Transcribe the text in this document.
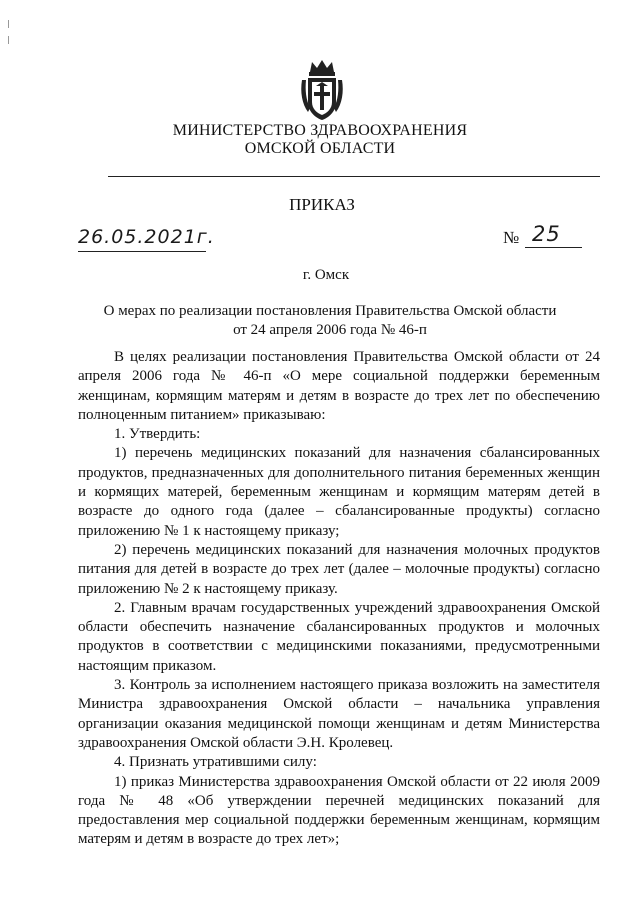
МИНИСТЕРСТВО ЗДРАВООХРАНЕНИЯ
ОМСКОЙ ОБЛАСТИ
ПРИКАЗ
26.05.2021г.	№ 25
г. Омск
О мерах по реализации постановления Правительства Омской области
от 24 апреля 2006 года № 46-п

В целях реализации постановления Правительства Омской области от 24 апреля 2006 года № 46-п «О мере социальной поддержки беременным женщинам, кормящим матерям и детям в возрасте до трех лет по обеспечению полноценным питанием» приказываю:

1. Утвердить:

1) перечень медицинских показаний для назначения сбалансированных продуктов, предназначенных для дополнительного питания беременных женщин и кормящих матерей, беременным женщинам и кормящим матерям детей в возрасте до одного года (далее – сбалансированные продукты) согласно приложению № 1 к настоящему приказу;

2) перечень медицинских показаний для назначения молочных продуктов питания для детей в возрасте до трех лет (далее – молочные продукты) согласно приложению № 2 к настоящему приказу.

2. Главным врачам государственных учреждений здравоохранения Омской области обеспечить назначение сбалансированных продуктов и молочных продуктов в соответствии с медицинскими показаниями, предусмотренными настоящим приказом.

3. Контроль за исполнением настоящего приказа возложить на заместителя Министра здравоохранения Омской области – начальника управления организации оказания медицинской помощи женщинам и детям Министерства здравоохранения Омской области Э.Н. Кролевец.

4. Признать утратившими силу:

1) приказ Министерства здравоохранения Омской области от 22 июля 2009 года № 48 «Об утверждении перечней медицинских показаний для предоставления мер социальной поддержки беременным женщинам, кормящим матерям и детям в возрасте до трех лет»;
